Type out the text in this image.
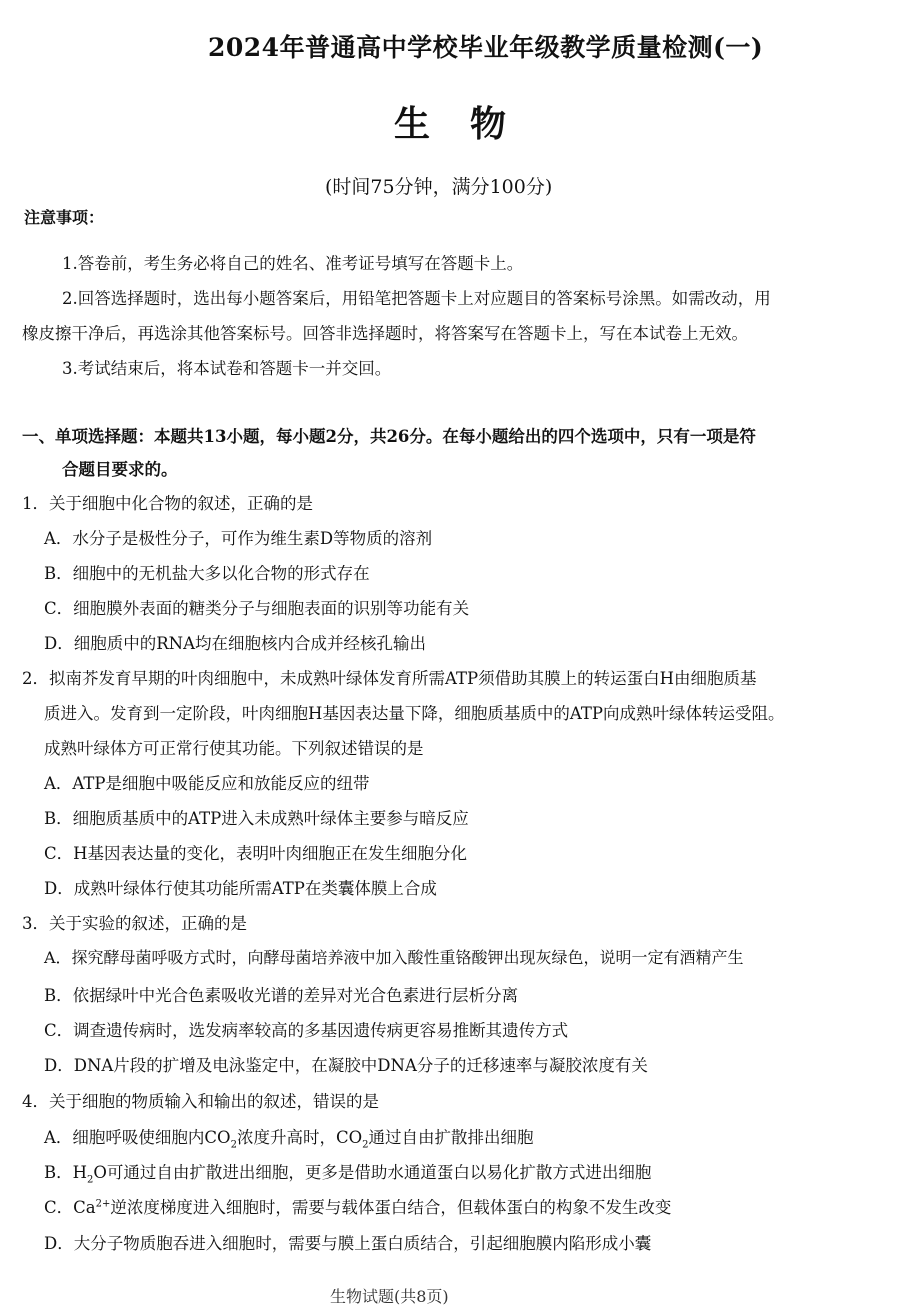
2024年普通高中学校毕业年级教学质量检测(一)
生物
(时间75分钟，满分100分)
注意事项：
1.答卷前，考生务必将自己的姓名、准考证号填写在答题卡上。
2.回答选择题时，选出每小题答案后，用铅笔把答题卡上对应题目的答案标号涂黑。如需改动，用
橡皮擦干净后，再选涂其他答案标号。回答非选择题时，将答案写在答题卡上，写在本试卷上无效。
3.考试结束后，将本试卷和答题卡一并交回。
一、单项选择题：本题共13小题，每小题2分，共26分。在每小题给出的四个选项中，只有一项是符
合题目要求的。
1．关于细胞中化合物的叙述，正确的是
A．水分子是极性分子，可作为维生素D等物质的溶剂
B．细胞中的无机盐大多以化合物的形式存在
C．细胞膜外表面的糖类分子与细胞表面的识别等功能有关
D．细胞质中的RNA均在细胞核内合成并经核孔输出
2．拟南芥发育早期的叶肉细胞中，未成熟叶绿体发育所需ATP须借助其膜上的转运蛋白H由细胞质基
质进入。发育到一定阶段，叶肉细胞H基因表达量下降，细胞质基质中的ATP向成熟叶绿体转运受阻。
成熟叶绿体方可正常行使其功能。下列叙述错误的是
A．ATP是细胞中吸能反应和放能反应的纽带
B．细胞质基质中的ATP进入未成熟叶绿体主要参与暗反应
C．H基因表达量的变化，表明叶肉细胞正在发生细胞分化
D．成熟叶绿体行使其功能所需ATP在类囊体膜上合成
3．关于实验的叙述，正确的是
A．探究酵母菌呼吸方式时，向酵母菌培养液中加入酸性重铬酸钾出现灰绿色，说明一定有酒精产生
B．依据绿叶中光合色素吸收光谱的差异对光合色素进行层析分离
C．调查遗传病时，选发病率较高的多基因遗传病更容易推断其遗传方式
D．DNA片段的扩增及电泳鉴定中，在凝胶中DNA分子的迁移速率与凝胶浓度有关
4．关于细胞的物质输入和输出的叙述，错误的是
A．细胞呼吸使细胞内$CO_2$浓度升高时，$CO_2$通过自由扩散排出细胞
B．$H_2O$可通过自由扩散进出细胞，更多是借助水通道蛋白以易化扩散方式进出细胞
C．$Ca^{2+}$逆浓度梯度进入细胞时，需要与载体蛋白结合，但载体蛋白的构象不发生改变
D．大分子物质胞吞进入细胞时，需要与膜上蛋白质结合，引起细胞膜内陷形成小囊
生物试题(共8页)
